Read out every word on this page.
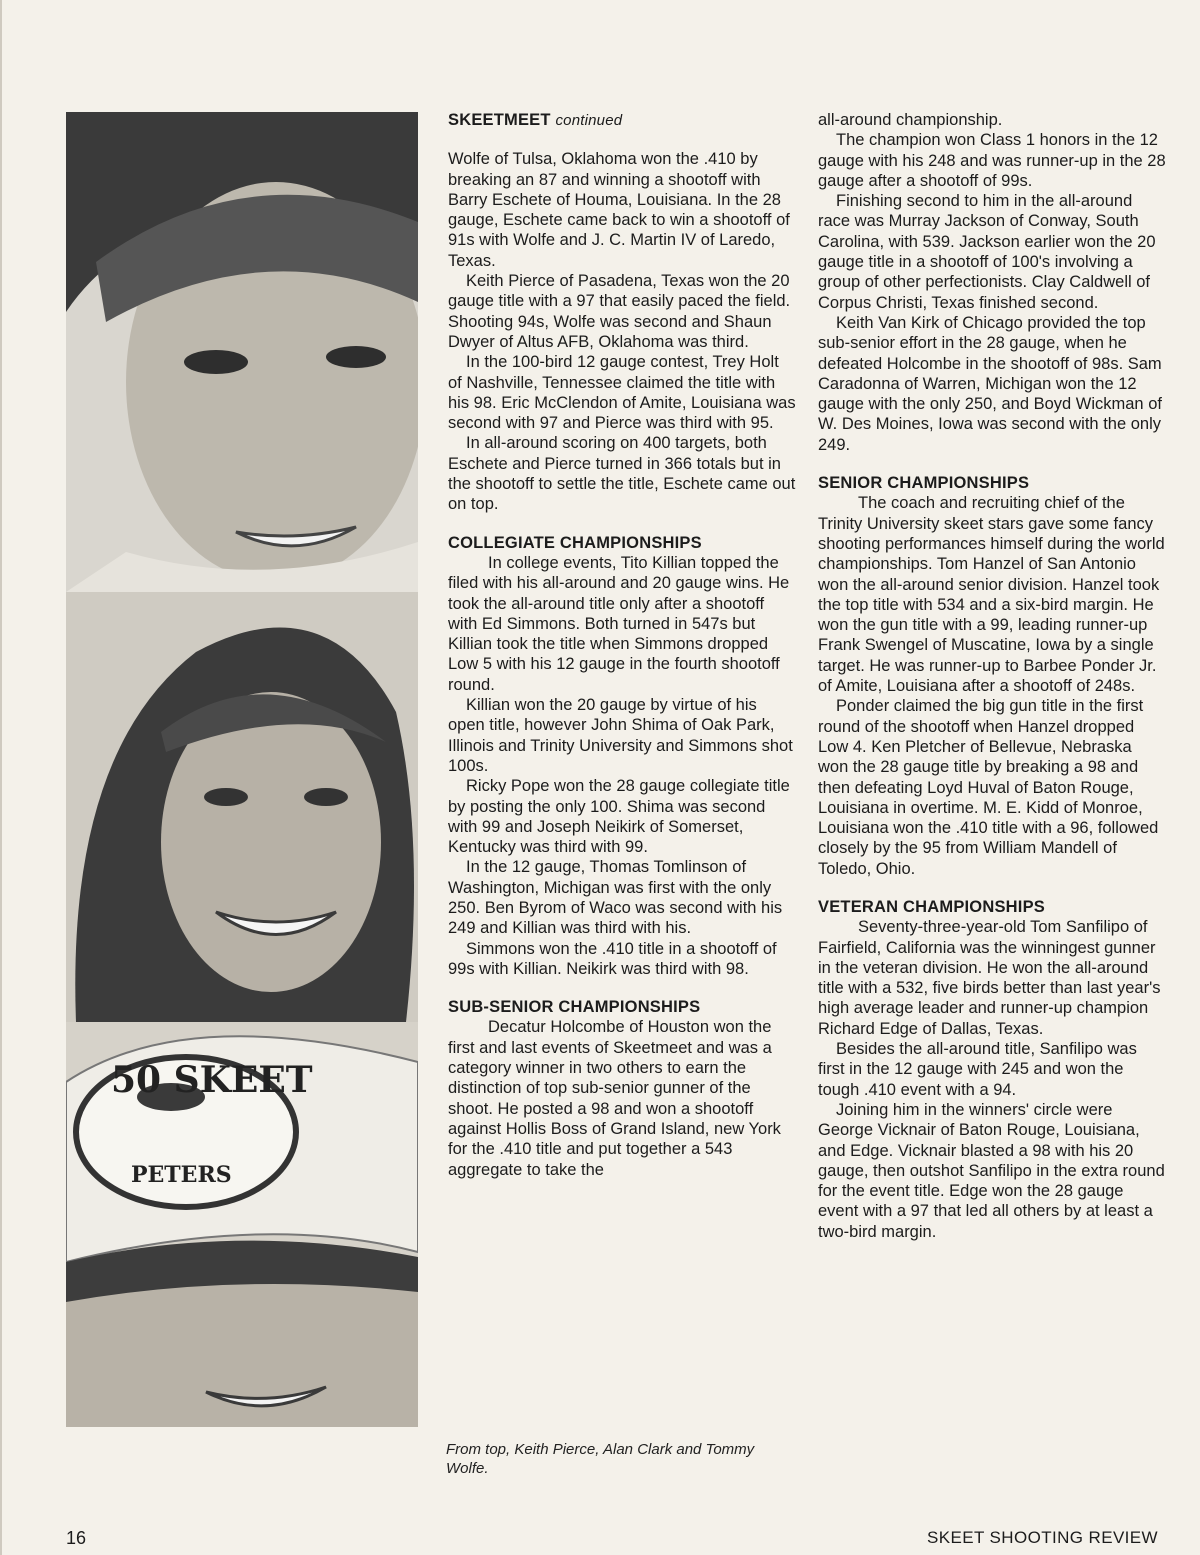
50 SKEET
PETERS
From top, Keith Pierce, Alan Clark and Tommy Wolfe.
SKEETMEET continued

Wolfe of Tulsa, Oklahoma won the .410 by breaking an 87 and winning a shootoff with Barry Eschete of Houma, Louisiana. In the 28 gauge, Eschete came back to win a shootoff of 91s with Wolfe and J. C. Martin IV of Laredo, Texas.

Keith Pierce of Pasadena, Texas won the 20 gauge title with a 97 that easily paced the field. Shooting 94s, Wolfe was second and Shaun Dwyer of Altus AFB, Oklahoma was third.

In the 100-bird 12 gauge contest, Trey Holt of Nashville, Tennessee claimed the title with his 98. Eric McClendon of Amite, Louisiana was second with 97 and Pierce was third with 95.

In all-around scoring on 400 targets, both Eschete and Pierce turned in 366 totals but in the shootoff to settle the title, Eschete came out on top.

COLLEGIATE CHAMPIONSHIPS

In college events, Tito Killian topped the filed with his all-around and 20 gauge wins. He took the all-around title only after a shootoff with Ed Simmons. Both turned in 547s but Killian took the title when Simmons dropped Low 5 with his 12 gauge in the fourth shootoff round.

Killian won the 20 gauge by virtue of his open title, however John Shima of Oak Park, Illinois and Trinity University and Simmons shot 100s.

Ricky Pope won the 28 gauge collegiate title by posting the only 100. Shima was second with 99 and Joseph Neikirk of Somerset, Kentucky was third with 99.

In the 12 gauge, Thomas Tomlinson of Washington, Michigan was first with the only 250. Ben Byrom of Waco was second with his 249 and Killian was third with his.

Simmons won the .410 title in a shootoff of 99s with Killian. Neikirk was third with 98.

SUB-SENIOR CHAMPIONSHIPS

Decatur Holcombe of Houston won the first and last events of Skeetmeet and was a category winner in two others to earn the distinction of top sub-senior gunner of the shoot. He posted a 98 and won a shootoff against Hollis Boss of Grand Island, new York for the .410 title and put together a 543 aggregate to take the

all-around championship.

The champion won Class 1 honors in the 12 gauge with his 248 and was runner-up in the 28 gauge after a shootoff of 99s.

Finishing second to him in the all-around race was Murray Jackson of Conway, South Carolina, with 539. Jackson earlier won the 20 gauge title in a shootoff of 100's involving a group of other perfectionists. Clay Caldwell of Corpus Christi, Texas finished second.

Keith Van Kirk of Chicago provided the top sub-senior effort in the 28 gauge, when he defeated Holcombe in the shootoff of 98s. Sam Caradonna of Warren, Michigan won the 12 gauge with the only 250, and Boyd Wickman of W. Des Moines, Iowa was second with the only 249.

SENIOR CHAMPIONSHIPS

The coach and recruiting chief of the Trinity University skeet stars gave some fancy shooting performances himself during the world championships. Tom Hanzel of San Antonio won the all-around senior division. Hanzel took the top title with 534 and a six-bird margin. He won the gun title with a 99, leading runner-up Frank Swengel of Muscatine, Iowa by a single target. He was runner-up to Barbee Ponder Jr. of Amite, Louisiana after a shootoff of 248s.

Ponder claimed the big gun title in the first round of the shootoff when Hanzel dropped Low 4. Ken Pletcher of Bellevue, Nebraska won the 28 gauge title by breaking a 98 and then defeating Loyd Huval of Baton Rouge, Louisiana in overtime. M. E. Kidd of Monroe, Louisiana won the .410 title with a 96, followed closely by the 95 from William Mandell of Toledo, Ohio.

VETERAN CHAMPIONSHIPS

Seventy-three-year-old Tom Sanfilipo of Fairfield, California was the winningest gunner in the veteran division. He won the all-around title with a 532, five birds better than last year's high average leader and runner-up champion Richard Edge of Dallas, Texas.

Besides the all-around title, Sanfilipo was first in the 12 gauge with 245 and won the tough .410 event with a 94.

Joining him in the winners' circle were George Vicknair of Baton Rouge, Louisiana, and Edge. Vicknair blasted a 98 with his 20 gauge, then outshot Sanfilipo in the extra round for the event title. Edge won the 28 gauge event with a 97 that led all others by at least a two-bird margin.

16	SKEET SHOOTING REVIEW
